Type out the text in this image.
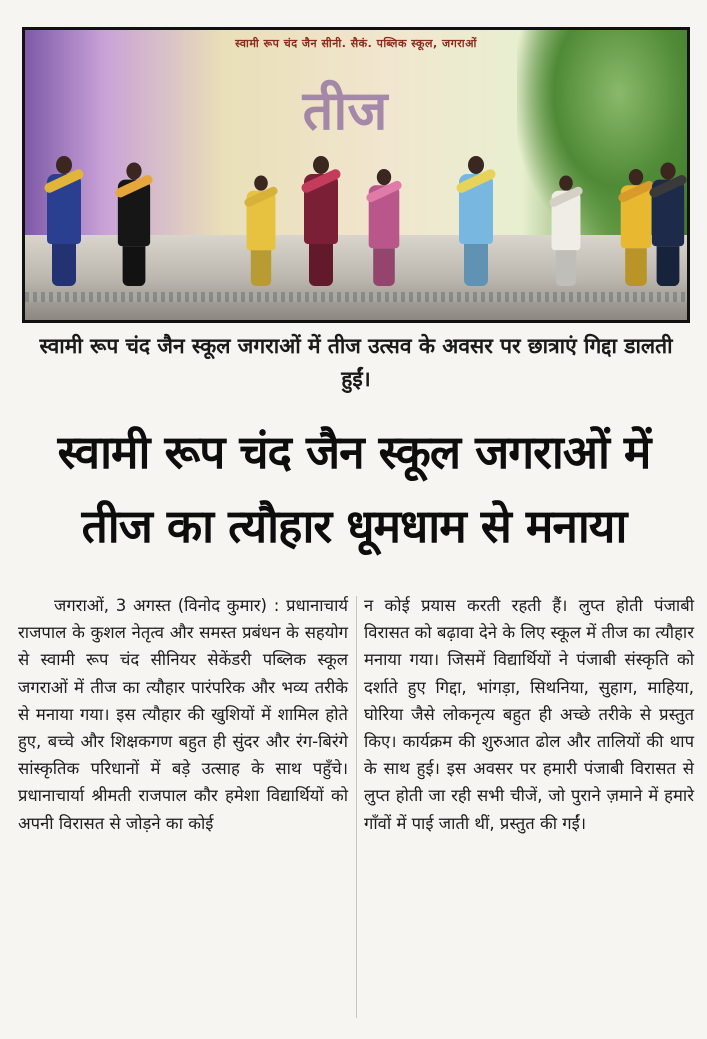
स्वामी रूप चंद जैन सीनी. सैकं. पब्लिक स्कूल, जगराओं
तीज
स्वामी रूप चंद जैन स्कूल जगराओं में तीज उत्सव के अवसर पर छात्राएं गिद्दा डालती हुईं।
स्वामी रूप चंद जैन स्कूल जगराओं में
तीज का त्यौहार धूमधाम से मनाया

जगराओं, 3 अगस्त (विनोद कुमार) : प्रधानाचार्य राजपाल के कुशल नेतृत्व और समस्त प्रबंधन के सहयोग से स्वामी रूप चंद सीनियर सेकेंडरी पब्लिक स्कूल जगराओं में तीज का त्यौहार पारंपरिक और भव्य तरीके से मनाया गया। इस त्यौहार की खुशियों में शामिल होते हुए, बच्चे और शिक्षकगण बहुत ही सुंदर और रंग-बिरंगे सांस्कृतिक परिधानों में बड़े उत्साह के साथ पहुँचे। प्रधानाचार्या श्रीमती राजपाल कौर हमेशा विद्यार्थियों को अपनी विरासत से जोड़ने का कोई

न कोई प्रयास करती रहती हैं। लुप्त होती पंजाबी विरासत को बढ़ावा देने के लिए स्कूल में तीज का त्यौहार मनाया गया। जिसमें विद्यार्थियों ने पंजाबी संस्कृति को दर्शाते हुए गिद्दा, भांगड़ा, सिथनिया, सुहाग, माहिया, घोरिया जैसे लोकनृत्य बहुत ही अच्छे तरीके से प्रस्तुत किए। कार्यक्रम की शुरुआत ढोल और तालियों की थाप के साथ हुई। इस अवसर पर हमारी पंजाबी विरासत से लुप्त होती जा रही सभी चीजें, जो पुराने ज़माने में हमारे गाँवों में पाई जाती थीं, प्रस्तुत की गईं।
